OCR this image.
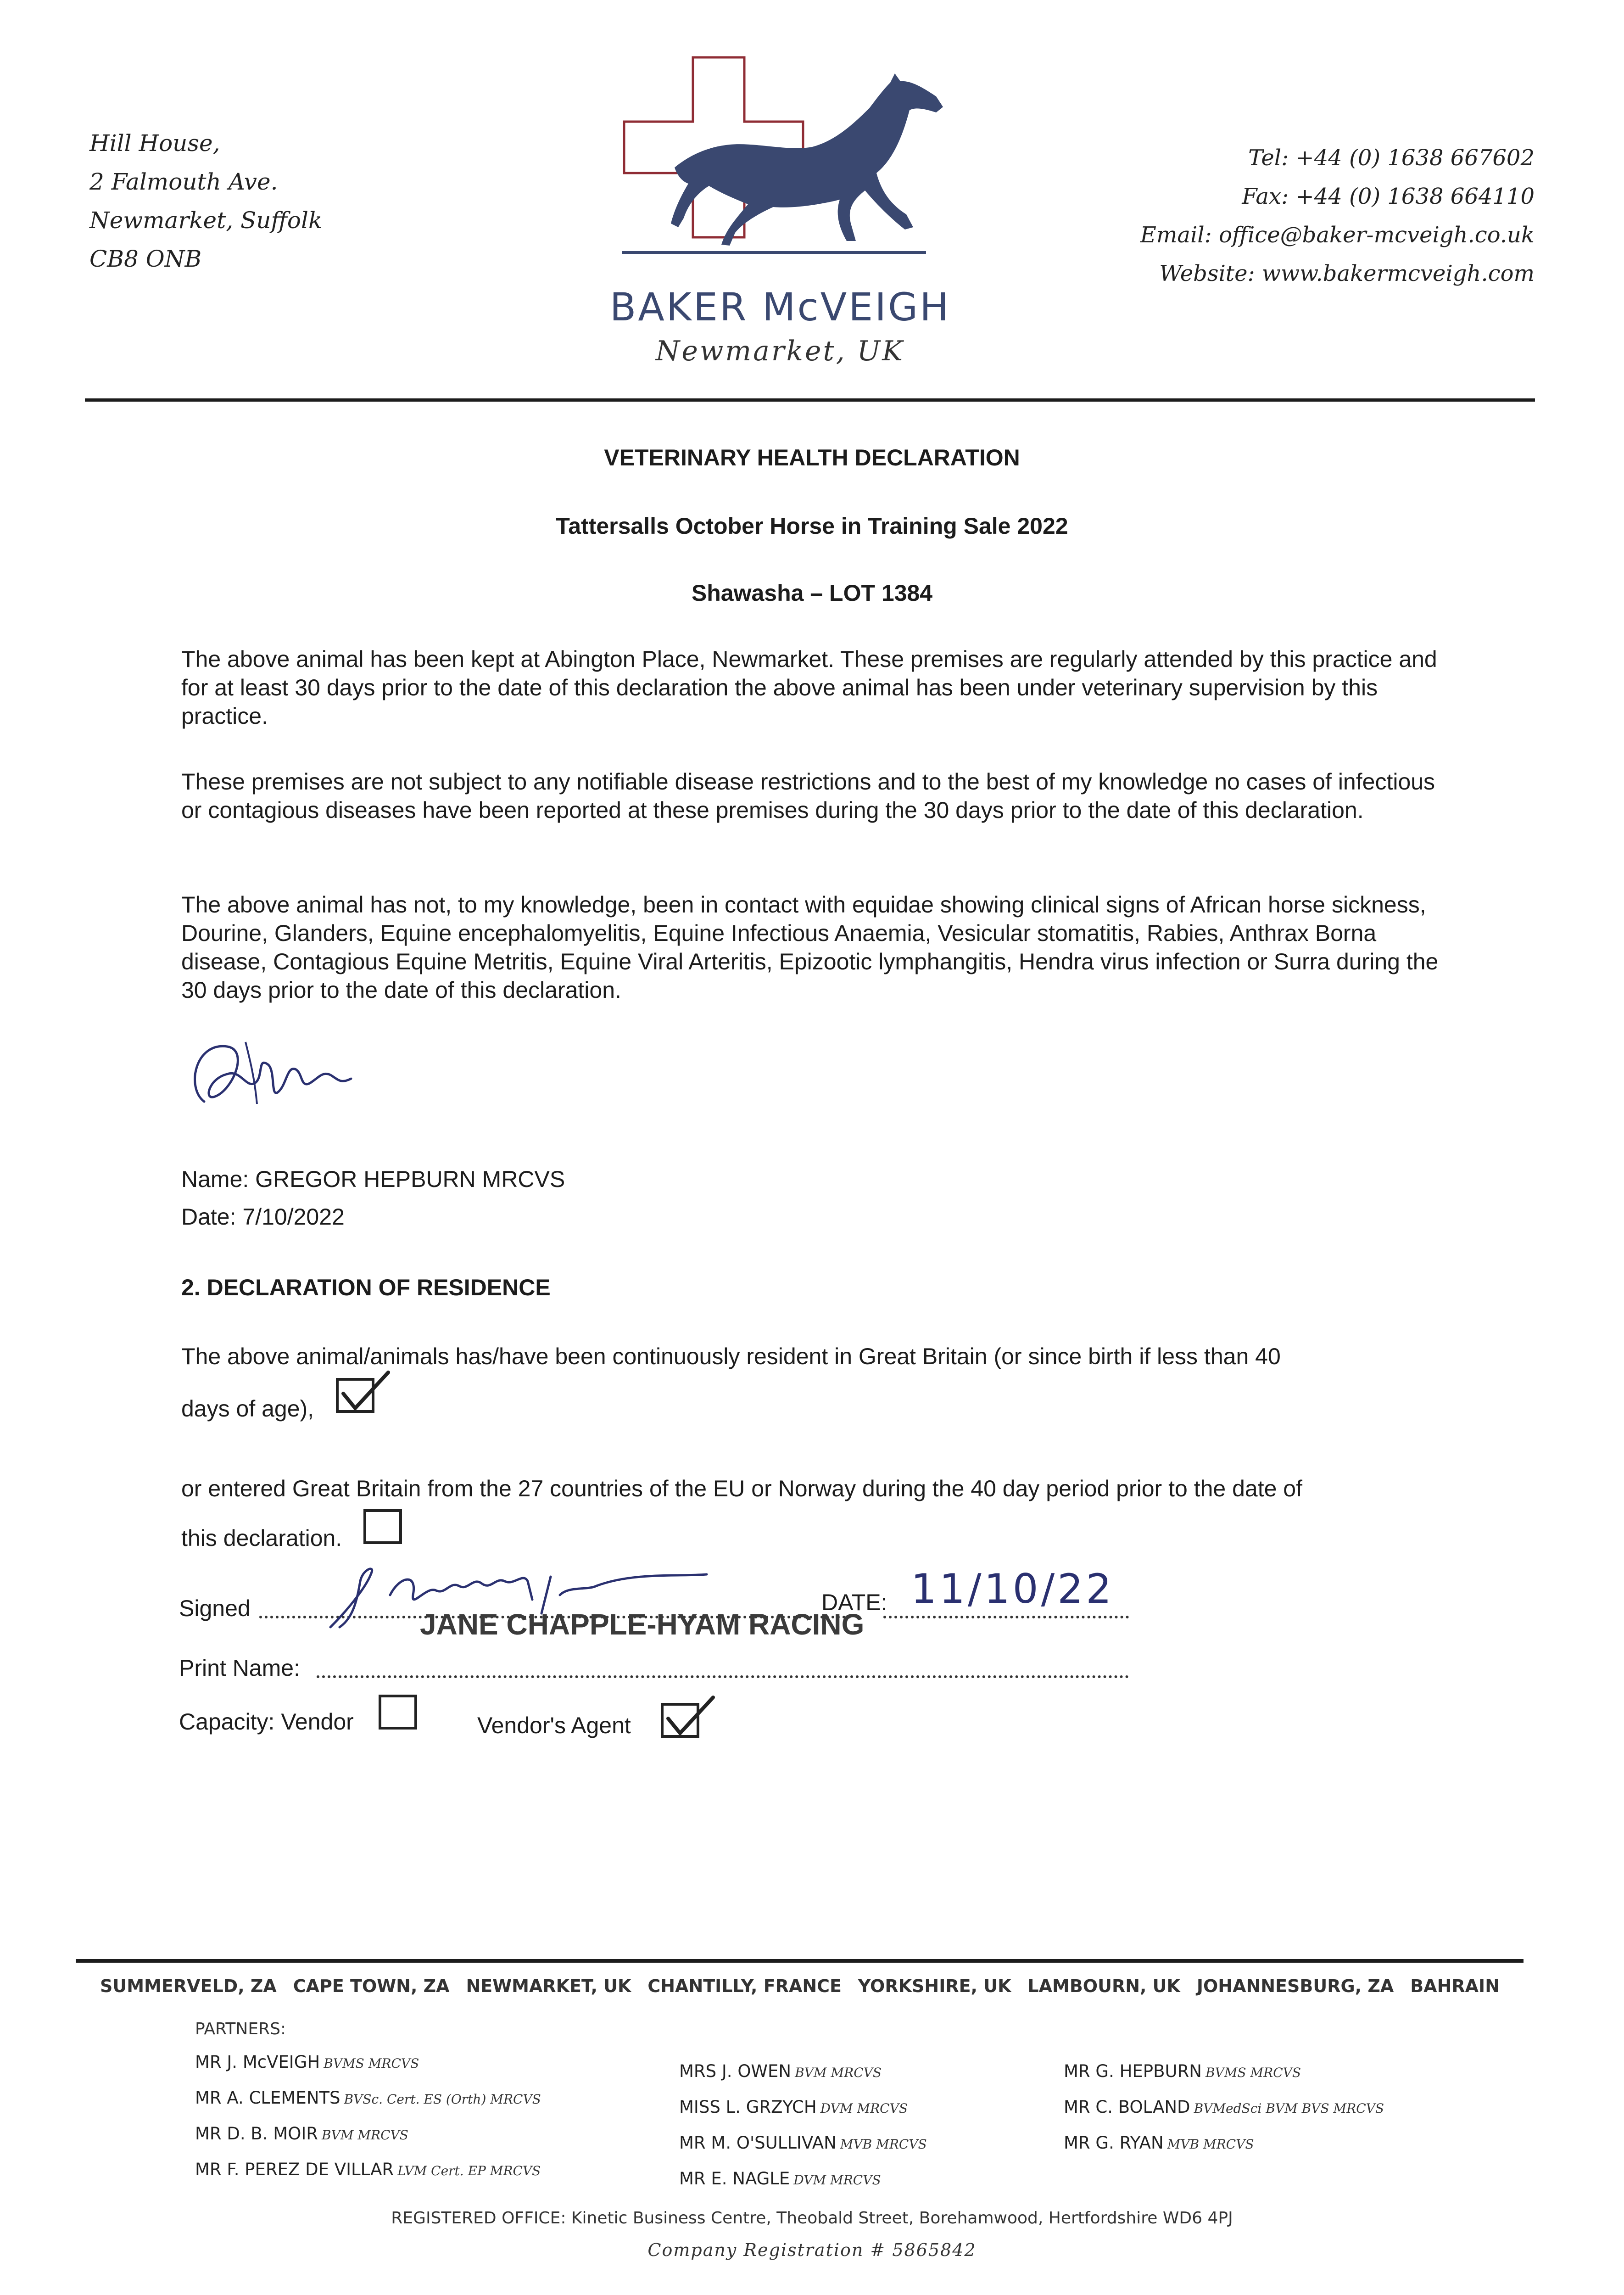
Hill House,
2 Falmouth Ave.
Newmarket, Suffolk
CB8 ONB
BAKER McVEIGH
Newmarket, UK
Tel: +44 (0) 1638 667602
Fax: +44 (0) 1638 664110
Email: office@baker-mcveigh.co.uk
Website: www.bakermcveigh.com
VETERINARY HEALTH DECLARATION
Tattersalls October Horse in Training Sale 2022
Shawasha – LOT 1384
The above animal has been kept at Abington Place, Newmarket. These premises are regularly attended by this practice and for at least 30 days prior to the date of this declaration the above animal has been under veterinary supervision by this practice.
These premises are not subject to any notifiable disease restrictions and to the best of my knowledge no cases of infectious or contagious diseases have been reported at these premises during the 30 days prior to the date of this declaration.
The above animal has not, to my knowledge, been in contact with equidae showing clinical signs of African horse sickness, Dourine, Glanders, Equine encephalomyelitis, Equine Infectious Anaemia, Vesicular stomatitis, Rabies, Anthrax Borna disease, Contagious Equine Metritis, Equine Viral Arteritis, Epizootic lymphangitis, Hendra virus infection or Surra during the 30 days prior to the date of this declaration.
Name: GREGOR HEPBURN MRCVS
Date: 7/10/2022
2. DECLARATION OF RESIDENCE
The above animal/animals has/have been continuously resident in Great Britain (or since birth if less than 40
days of age),
or entered Great Britain from the 27 countries of the EU or Norway during the 40 day period prior to the date of
this declaration.
Signed	DATE: 11/10/22
JANE CHAPPLE-HYAM RACING
Print Name:
Capacity: Vendor	Vendor's Agent
SUMMERVELD, ZA CAPE TOWN, ZA NEWMARKET, UK CHANTILLY, FRANCE YORKSHIRE, UK LAMBOURN, UK JOHANNESBURG, ZA BAHRAIN
PARTNERS:
MR J. McVEIGH BVMS MRCVS
MR A. CLEMENTS BVSc. Cert. ES (Orth) MRCVS
MR D. B. MOIR BVM MRCVS
MR F. PEREZ DE VILLAR LVM Cert. EP MRCVS
MRS J. OWEN BVM MRCVS
MISS L. GRZYCH DVM MRCVS
MR M. O'SULLIVAN MVB MRCVS
MR E. NAGLE DVM MRCVS
MR G. HEPBURN BVMS MRCVS
MR C. BOLAND BVMedSci BVM BVS MRCVS
MR G. RYAN MVB MRCVS
REGISTERED OFFICE: Kinetic Business Centre, Theobald Street, Borehamwood, Hertfordshire WD6 4PJ
Company Registration # 5865842
